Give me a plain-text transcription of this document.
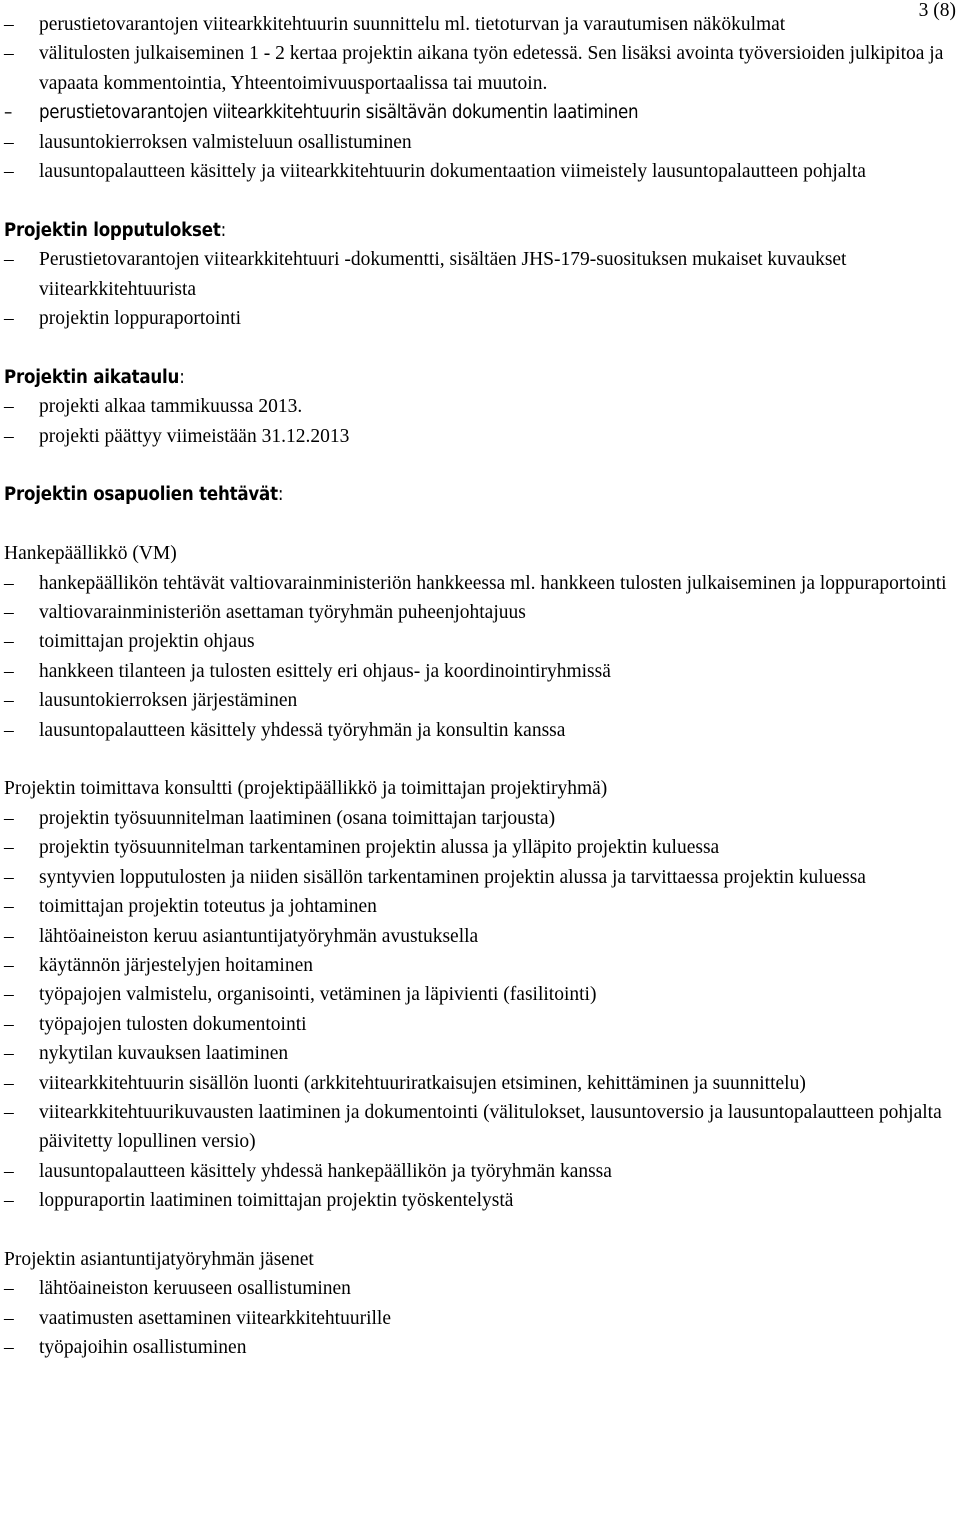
3 (8)
– perustietovarantojen viitearkkitehtuurin suunnittelu ml. tietoturvan ja varautumisen näkökulmat
– välitulosten julkaiseminen 1 - 2 kertaa projektin aikana työn edetessä. Sen lisäksi avointa työversioiden julkipitoa ja vapaata kommentointia, Yhteentoimivuusportaalissa tai muutoin.
– perustietovarantojen viitearkkitehtuurin sisältävän dokumentin laatiminen
– lausuntokierroksen valmisteluun osallistuminen
– lausuntopalautteen käsittely ja viitearkkitehtuurin dokumentaation viimeistely lausuntopalautteen pohjalta
Projektin lopputulokset:
– Perustietovarantojen viitearkkitehtuuri -dokumentti, sisältäen JHS-179-suosituksen mukaiset kuvaukset viitearkkitehtuurista
– projektin loppuraportointi
Projektin aikataulu:
– projekti alkaa tammikuussa 2013.
– projekti päättyy viimeistään 31.12.2013
Projektin osapuolien tehtävät:
Hankepäällikkö (VM)
– hankepäällikön tehtävät valtiovarainministeriön hankkeessa ml. hankkeen tulosten julkaiseminen ja loppuraportointi
– valtiovarainministeriön asettaman työryhmän puheenjohtajuus
– toimittajan projektin ohjaus
– hankkeen tilanteen ja tulosten esittely eri ohjaus- ja koordinointiryhmissä
– lausuntokierroksen järjestäminen
– lausuntopalautteen käsittely yhdessä työryhmän ja konsultin kanssa
Projektin toimittava konsultti (projektipäällikkö ja toimittajan projektiryhmä)
– projektin työsuunnitelman laatiminen (osana toimittajan tarjousta)
– projektin työsuunnitelman tarkentaminen projektin alussa ja ylläpito projektin kuluessa
– syntyvien lopputulosten ja niiden sisällön tarkentaminen projektin alussa ja tarvittaessa projektin kuluessa
– toimittajan projektin toteutus ja johtaminen
– lähtöaineiston keruu asiantuntijatyöryhmän avustuksella
– käytännön järjestelyjen hoitaminen
– työpajojen valmistelu, organisointi, vetäminen ja läpivienti (fasilitointi)
– työpajojen tulosten dokumentointi
– nykytilan kuvauksen laatiminen
– viitearkkitehtuurin sisällön luonti (arkkitehtuuriratkaisujen etsiminen, kehittäminen ja suunnittelu)
– viitearkkitehtuurikuvausten laatiminen ja dokumentointi (välitulokset, lausuntoversio ja lausuntopalautteen pohjalta päivitetty lopullinen versio)
– lausuntopalautteen käsittely yhdessä hankepäällikön ja työryhmän kanssa
– loppuraportin laatiminen toimittajan projektin työskentelystä
Projektin asiantuntijatyöryhmän jäsenet
– lähtöaineiston keruuseen osallistuminen
– vaatimusten asettaminen viitearkkitehtuurille
– työpajoihin osallistuminen
